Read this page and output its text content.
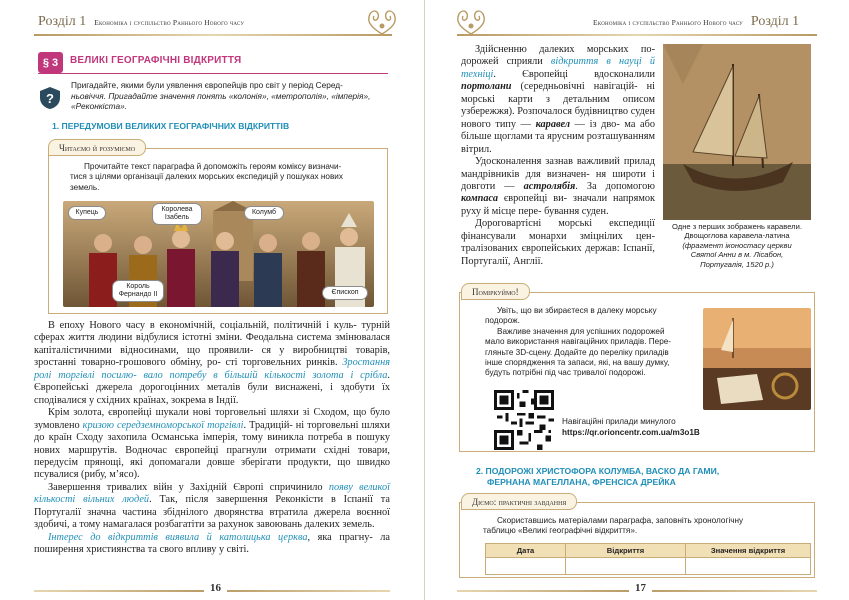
Розділ 1 Економіка і суспільство Раннього Нового часу
§ 3	ВЕЛИКІ ГЕОГРАФІЧНІ ВІДКРИТТЯ
?
Пригадайте, якими були уявлення європейців про світ у період Серед-
ньовіччя. Пригадайте значення понять «колонія», «метрополія», «імперія»,
«Реконкіста».
1. ПЕРЕДУМОВИ ВЕЛИКИХ ГЕОГРАФІЧНИХ ВІДКРИТТІВ
Читаємо й розуміємо
Прочитайте текст параграфа й допоможіть героям комiксу визначи-
тися з цілями організації далеких морських експедицій у пошуках нових
земель.
Купець	Королева Ізабель
Колумб
Король Фернандо II	Єпископ

В епоху Нового часу в економічній, соціальній, політичній і куль- турній сферах життя людини відбулися істотні зміни. Феодальна система змінювалася капіталістичними відносинами, що проявили- ся у виробництві товарів, зростанні товарно-грошового обміну, ро- сті торговельних ринків. Зростання ролі торгівлі посилю- вало потребу в більшій кількості золота і срібла. Європейські джерела дорогоцінних металів були виснажені, і здобути їх сподівалися у східних країнах, зокрема в Індії.

Крім золота, європейці шукали нові торговельні шляхи зі Сходом, що було зумовлено кризою середземноморської торгівлі. Традицій- ні торговельні шляхи до країн Сходу захопила Османська імперія, тому виникла потреба в пошуку нових маршрутів. Водночас європейці прагнули отримати східні товари, передусім прянощі, які допомагали довше зберігати продукти, що швидко псувалися (рибу, м’ясо).

Завершення тривалих війн у Західній Європі спричинило появу великої кількості вільних людей. Так, після завершення Реконкісти в Іспанії та Португалії значна частина збіднілого дворянства втратила джерела воєнної здобичі, а тому намагалася розбагатіти за рахунок завоювань далеких земель.

Інтерес до відкриттів виявила й католицька церква, яка прагну- ла поширення християнства та свого впливу у світі.

16
Економіка і суспільство Раннього Нового часу Розділ 1

Здійсненню далеких морських по- дорожей сприяли відкриття в науці й техніці. Європейці вдосконалили портолани (середньовічні навігацій- ні морські карти з детальним описом узбережжя). Розпочалося будівництво суден нового типу — каравел — із дво- ма або більше щоглами та ярусним розташуванням вітрил.

Удосконалення зазнав важливий прилад мандрівників для визначен- ня широти і довготи — астролябія. За допомогою компаса європейці ви- значали напрямок руху й місце пере- бування суден.

Дороговартісні морські експедиції фінансували монархи зміцнілих цен- тралізованих європейських держав: Іспанії, Португалії, Англії.

Одне з перших зображень каравели.
Двощоглова каравела-латина
(фрагмент іконостасу церкви
Святої Анни в м. Лісабон,
Португалія, 1520 р.)
Поміркуймо!
Увіть, що ви збираєтеся в далеку морську
подорож.
Важливе значення для успішних подорожей
мало використання навігаційних приладів. Пере-
гляньте 3D-сцену. Додайте до переліку приладів
інше спорядження та запаси, які, на вашу думку,
будуть потрібні під час тривалої подорожі.
Навігаційні прилади минулого
https://qr.orioncentr.com.ua/m3o1B
2. ПОДОРОЖІ ХРИСТОФОРА КОЛУМБА, ВАСКО ДА ГАМИ,
ФЕРНАНА МАГЕЛЛАНА, ФРЕНСІСА ДРЕЙКА
Діємо: практичні завдання
Скориставшись матеріалами параграфа, заповніть хронологічну
таблицю «Великі географічні відкриття».
Дата	Відкриття	Значення відкриття

17
